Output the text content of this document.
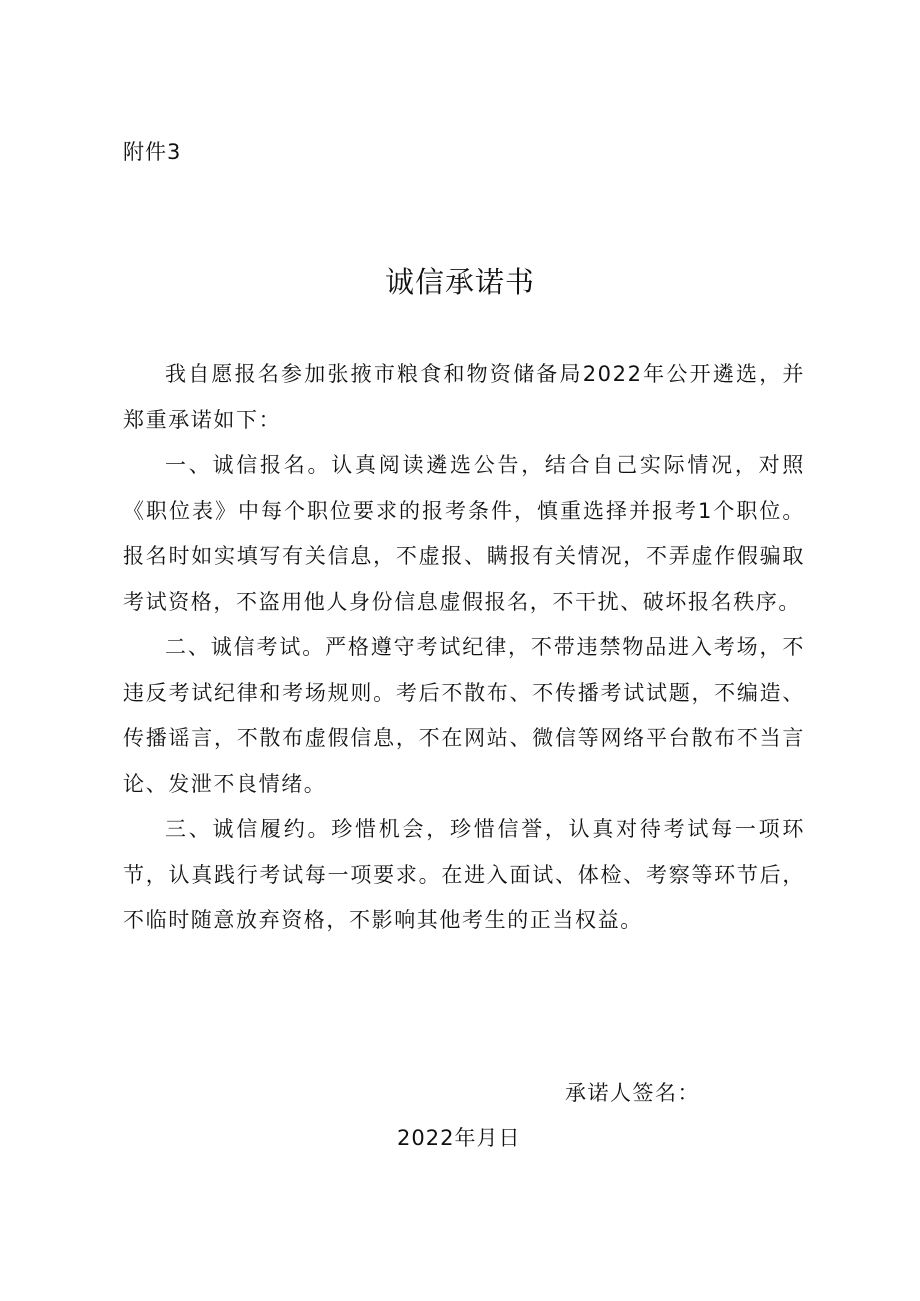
附件3
诚信承诺书

我自愿报名参加张掖市粮食和物资储备局2022年公开遴选，并郑重承诺如下：

一、诚信报名。认真阅读遴选公告，结合自己实际情况，对照《职位表》中每个职位要求的报考条件，慎重选择并报考1个职位。报名时如实填写有关信息，不虚报、瞒报有关情况，不弄虚作假骗取考试资格，不盗用他人身份信息虚假报名，不干扰、破坏报名秩序。

二、诚信考试。严格遵守考试纪律，不带违禁物品进入考场，不违反考试纪律和考场规则。考后不散布、不传播考试试题，不编造、传播谣言，不散布虚假信息，不在网站、微信等网络平台散布不当言论、发泄不良情绪。

三、诚信履约。珍惜机会，珍惜信誉，认真对待考试每一项环节，认真践行考试每一项要求。在进入面试、体检、考察等环节后，不临时随意放弃资格，不影响其他考生的正当权益。

承诺人签名：
2022年月日
